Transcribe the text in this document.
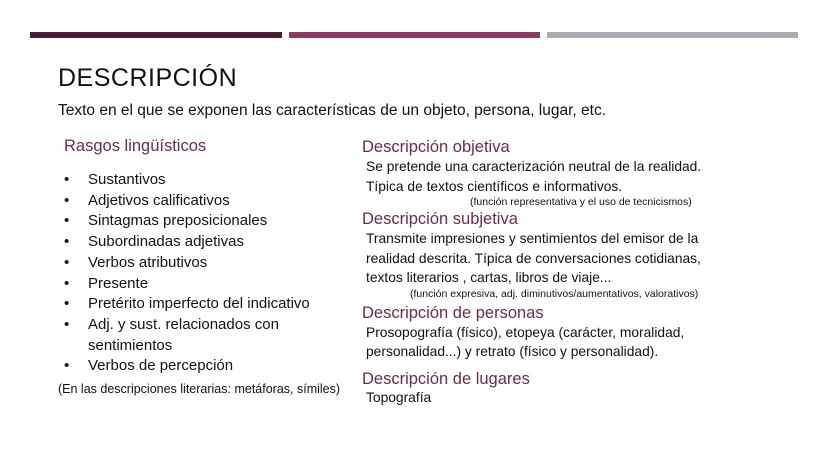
DESCRIPCIÓN
Texto en el que se exponen las características de un objeto, persona, lugar, etc.
Rasgos lingüísticos
• Sustantivos
• Adjetivos calificativos
• Sintagmas preposicionales
• Subordinadas adjetivas
• Verbos atributivos
• Presente
• Pretérito imperfecto del indicativo
• Adj. y sust. relacionados con sentimientos
• Verbos de percepción
(En las descripciones literarias: metáforas, símiles)

Descripción objetiva

Se pretende una caracterización neutral de la realidad.

Típica de textos científicos e informativos.

(función representativa y el uso de tecnicismos)

Descripción subjetiva

Transmite impresiones y sentimientos del emisor de la

realidad descrita. Típica de conversaciones cotidianas,

textos literarios , cartas, libros de viaje...

(función expresiva, adj. diminutivos/aumentativos, valorativos)

Descripción de personas

Prosopografía (físico), etopeya (carácter, moralidad,

personalidad...) y retrato (físico y personalidad).

Descripción de lugares

Topografía
